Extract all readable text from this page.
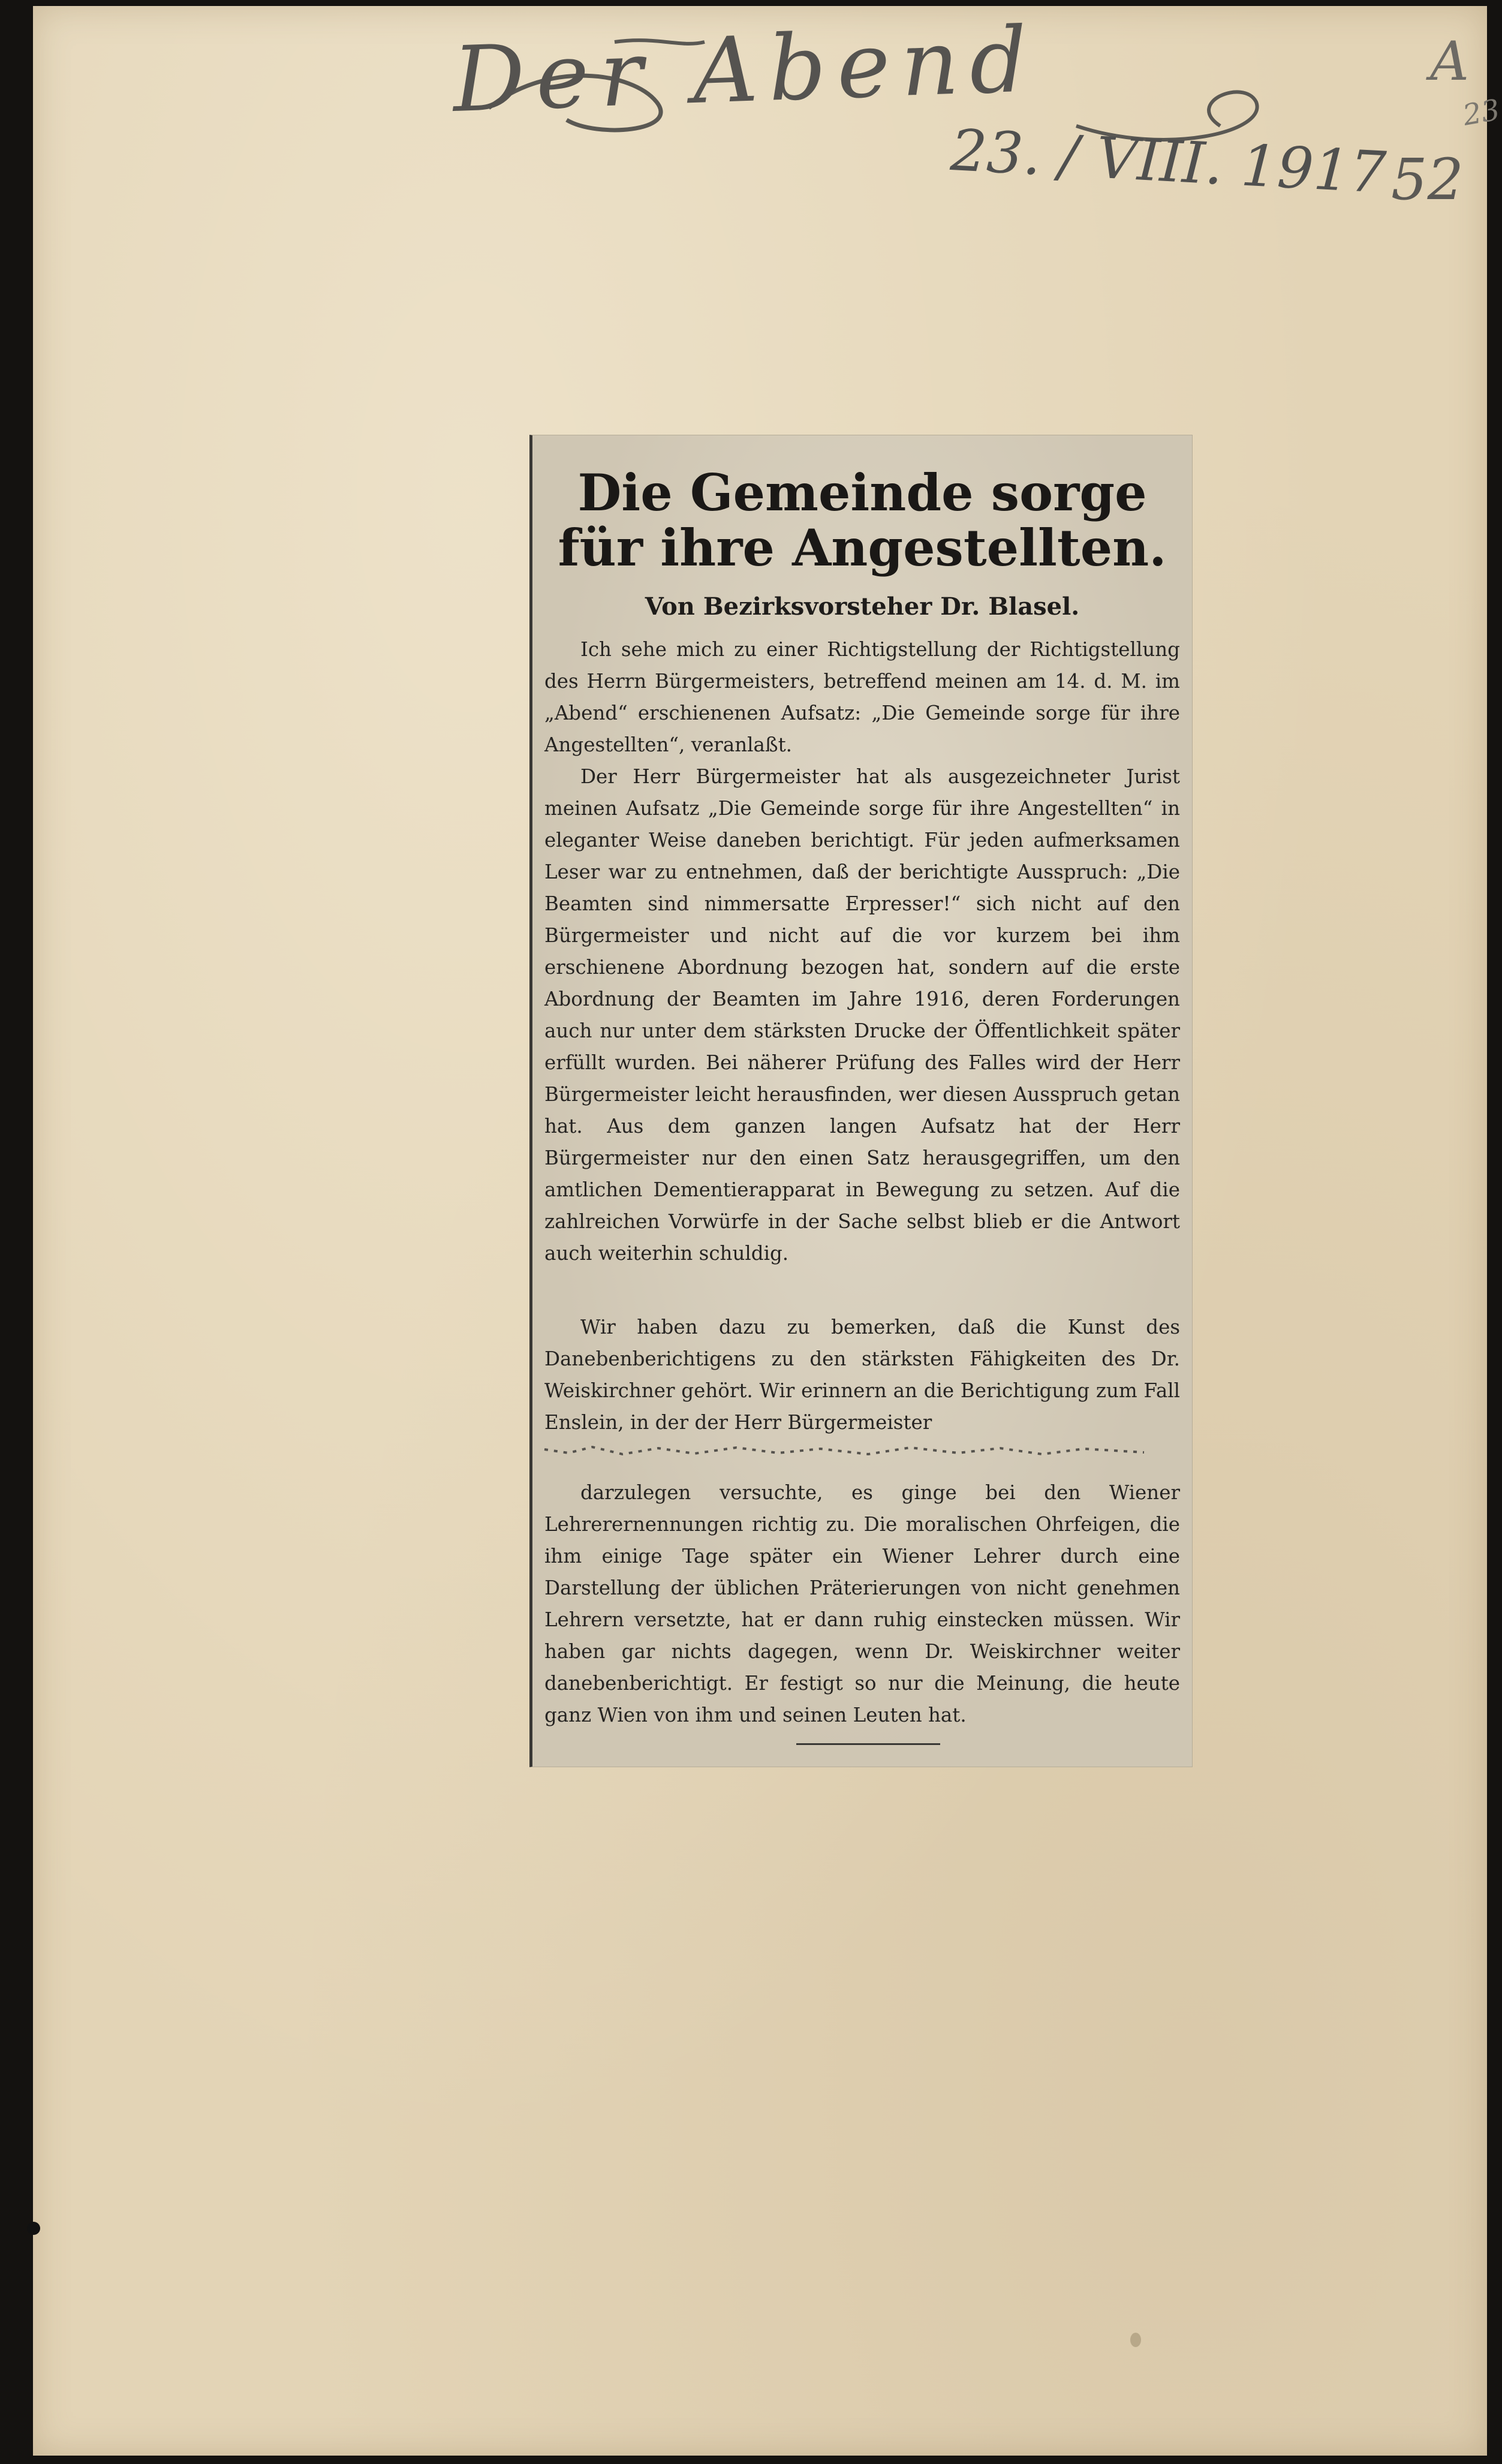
Der Abend
23. / VIII. 1917
A
23
52
Die Gemeinde sorge für ihre Angestellten.
Von Bezirksvorsteher Dr. Blasel.

Ich sehe mich zu einer Richtigstellung der Richtigstellung des Herrn Bürgermeisters, betreffend meinen am 14. d. M. im „Abend“ erschienenen Aufsatz: „Die Gemeinde sorge für ihre Angestellten“, veranlaßt.

Der Herr Bürgermeister hat als ausgezeichneter Jurist meinen Aufsatz „Die Gemeinde sorge für ihre Angestellten“ in eleganter Weise daneben berichtigt. Für jeden aufmerksamen Leser war zu entnehmen, daß der berichtigte Ausspruch: „Die Beamten sind nimmersatte Erpresser!“ sich nicht auf den Bürgermeister und nicht auf die vor kurzem bei ihm erschienene Abordnung bezogen hat, sondern auf die erste Abordnung der Beamten im Jahre 1916, deren Forderungen auch nur unter dem stärksten Drucke der Öffentlichkeit später erfüllt wurden. Bei näherer Prüfung des Falles wird der Herr Bürgermeister leicht herausfinden, wer diesen Ausspruch getan hat. Aus dem ganzen langen Aufsatz hat der Herr Bürgermeister nur den einen Satz herausgegriffen, um den amtlichen Dementierapparat in Bewegung zu setzen. Auf die zahlreichen Vorwürfe in der Sache selbst blieb er die Antwort auch weiterhin schuldig.

Wir haben dazu zu bemerken, daß die Kunst des Danebenberichtigens zu den stärksten Fähigkeiten des Dr. Weiskirchner gehört. Wir erinnern an die Berichtigung zum Fall Enslein, in der der Herr Bürgermeister

darzulegen versuchte, es ginge bei den Wiener Lehrerernennungen richtig zu. Die moralischen Ohrfeigen, die ihm einige Tage später ein Wiener Lehrer durch eine Darstellung der üblichen Präterierungen von nicht genehmen Lehrern versetzte, hat er dann ruhig einstecken müssen. Wir haben gar nichts dagegen, wenn Dr. Weiskirchner weiter danebenberichtigt. Er festigt so nur die Meinung, die heute ganz Wien von ihm und seinen Leuten hat.
